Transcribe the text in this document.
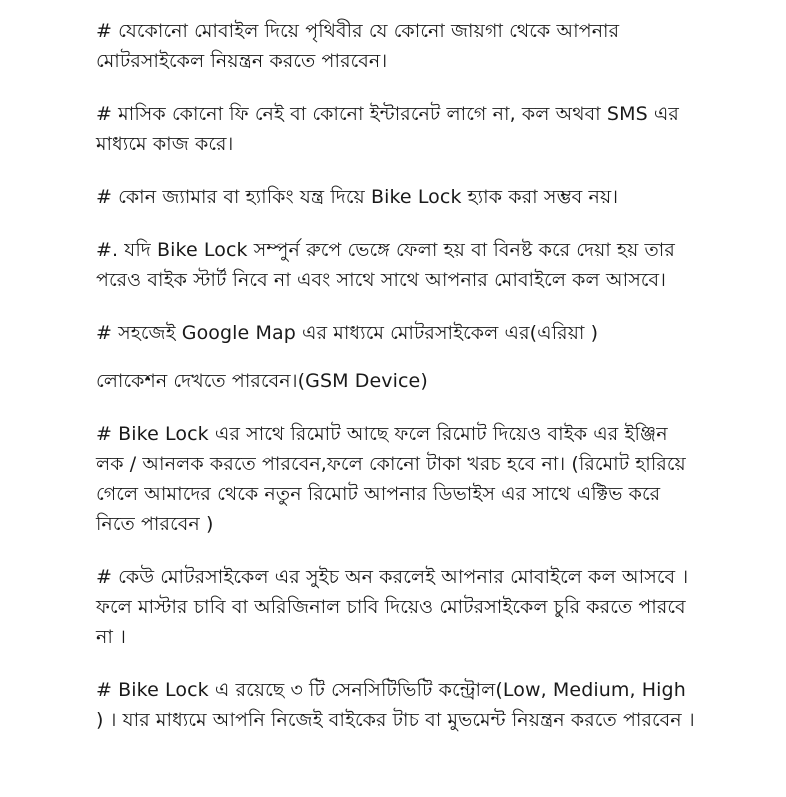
# যেকোনো মোবাইল দিয়ে পৃথিবীর যে কোনো জায়গা থেকে আপনার মোটরসাইকেল নিয়ন্ত্রন করতে পারবেন।

# মাসিক কোনো ফি নেই বা কোনো ইন্টারনেট লাগে না, কল অথবা SMS এর মাধ্যমে কাজ করে।

# কোন জ্যামার বা হ্যাকিং যন্ত্র দিয়ে Bike Lock হ্যাক করা সম্ভব নয়।

#. যদি Bike Lock সম্পুর্ন রুপে ভেঙ্গে ফেলা হয় বা বিনষ্ট করে দেয়া হয় তার পরেও বাইক স্টার্ট নিবে না এবং সাথে সাথে আপনার মোবাইলে কল আসবে।

# সহজেই Google Map এর মাধ্যমে মোটরসাইকেল এর(এরিয়া )

লোকেশন দেখতে পারবেন।(GSM Device)

# Bike Lock এর সাথে রিমোট আছে ফলে রিমোট দিয়েও বাইক এর ইঞ্জিন লক / আনলক করতে পারবেন,ফলে কোনো টাকা খরচ হবে না। (রিমোট হারিয়ে গেলে আমাদের থেকে নতুন রিমোট আপনার ডিভাইস এর সাথে এক্টিভ করে নিতে পারবেন )

# কেউ মোটরসাইকেল এর সুইচ অন করলেই আপনার মোবাইলে কল আসবে । ফলে মাস্টার চাবি বা অরিজিনাল চাবি দিয়েও মোটরসাইকেল চুরি করতে পারবে না ।

# Bike Lock এ রয়েছে ৩ টি সেনসিটিভিটি কন্ট্রোল(Low, Medium, High ) । যার মাধ্যমে আপনি নিজেই বাইকের টাচ বা মুভমেন্ট নিয়ন্ত্রন করতে পারবেন ।
